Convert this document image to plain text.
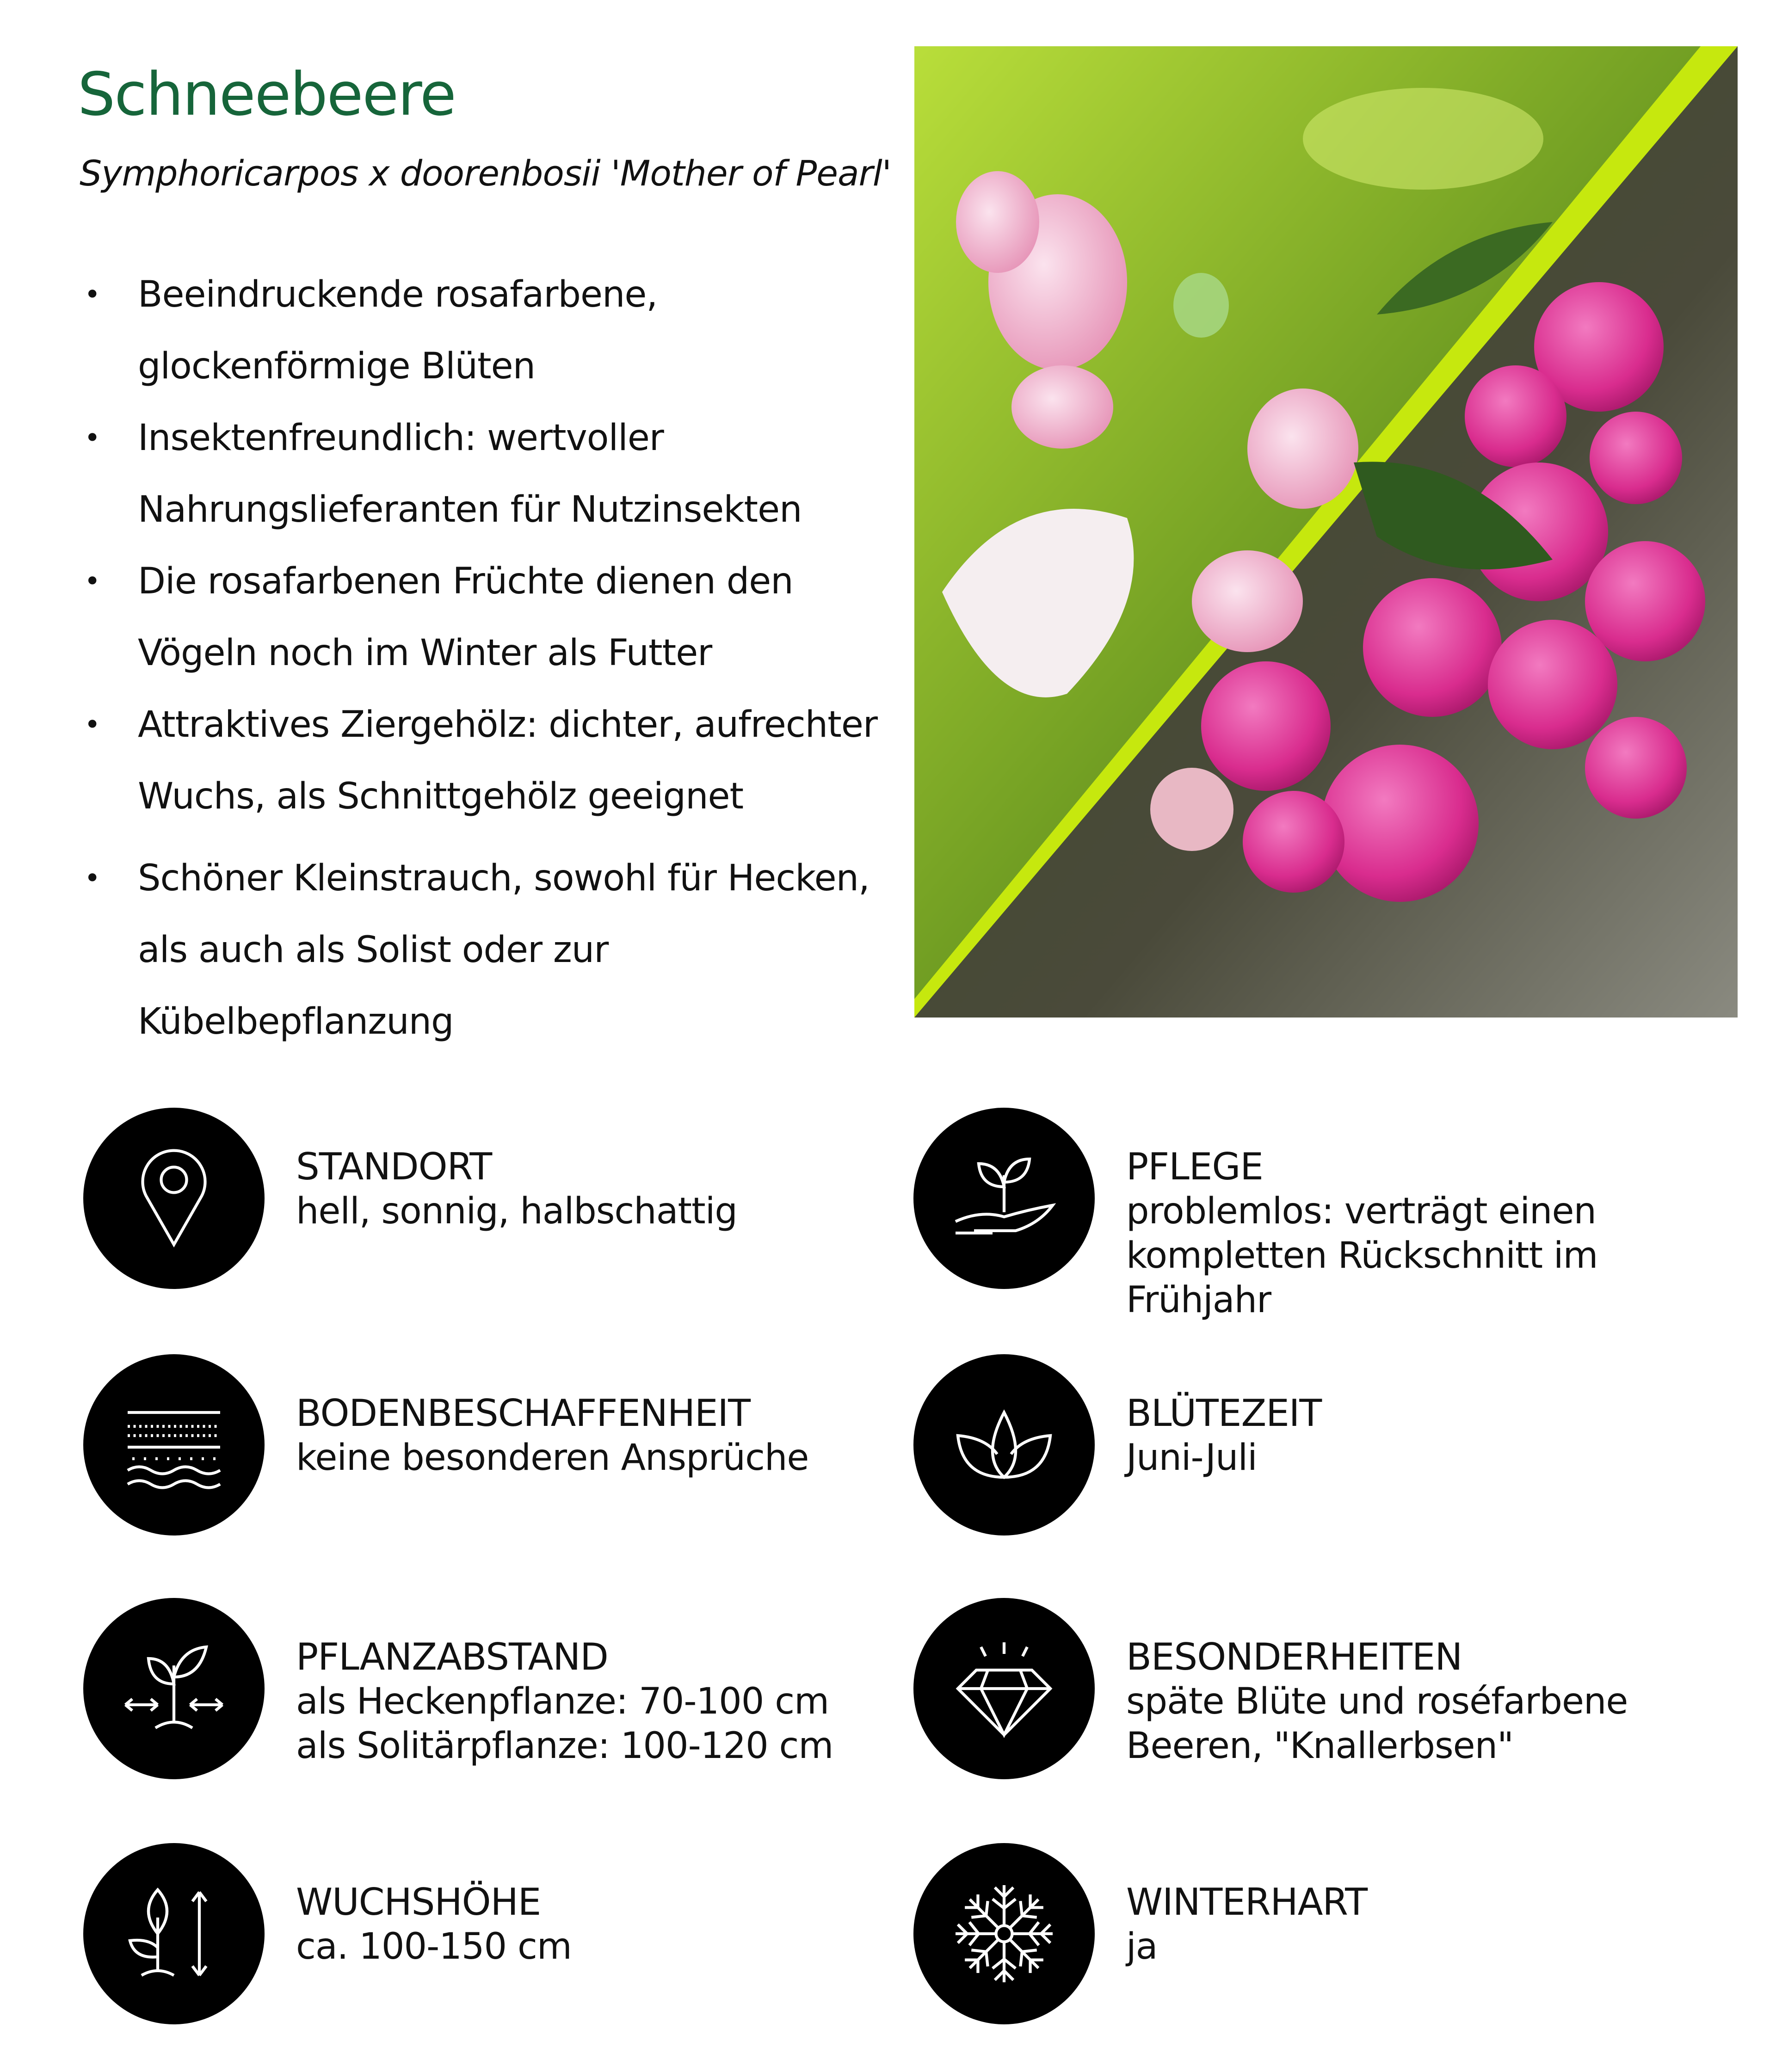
Schneebeere
Symphoricarpos x doorenbosii 'Mother of Pearl'
• Beeindruckende rosafarbene,
glockenförmige Blüten
• Insektenfreundlich: wertvoller
Nahrungslieferanten für Nutzinsekten
• Die rosafarbenen Früchte dienen den
Vögeln noch im Winter als Futter
• Attraktives Ziergehölz: dichter, aufrechter
Wuchs, als Schnittgehölz geeignet
• Schöner Kleinstrauch, sowohl für Hecken,
als auch als Solist oder zur
Kübelbepflanzung
STANDORT
hell, sonnig, halbschattig
PFLEGE
problemlos: verträgt einen
kompletten Rückschnitt im Frühjahr
BODENBESCHAFFENHEIT
keine besonderen Ansprüche
BLÜTEZEIT
Juni-Juli
PFLANZABSTAND
als Heckenpflanze: 70-100 cm
als Solitärpflanze: 100-120 cm
BESONDERHEITEN
späte Blüte und roséfarbene
Beeren, "Knallerbsen"
WUCHSHÖHE
ca. 100-150 cm
WINTERHART
ja
